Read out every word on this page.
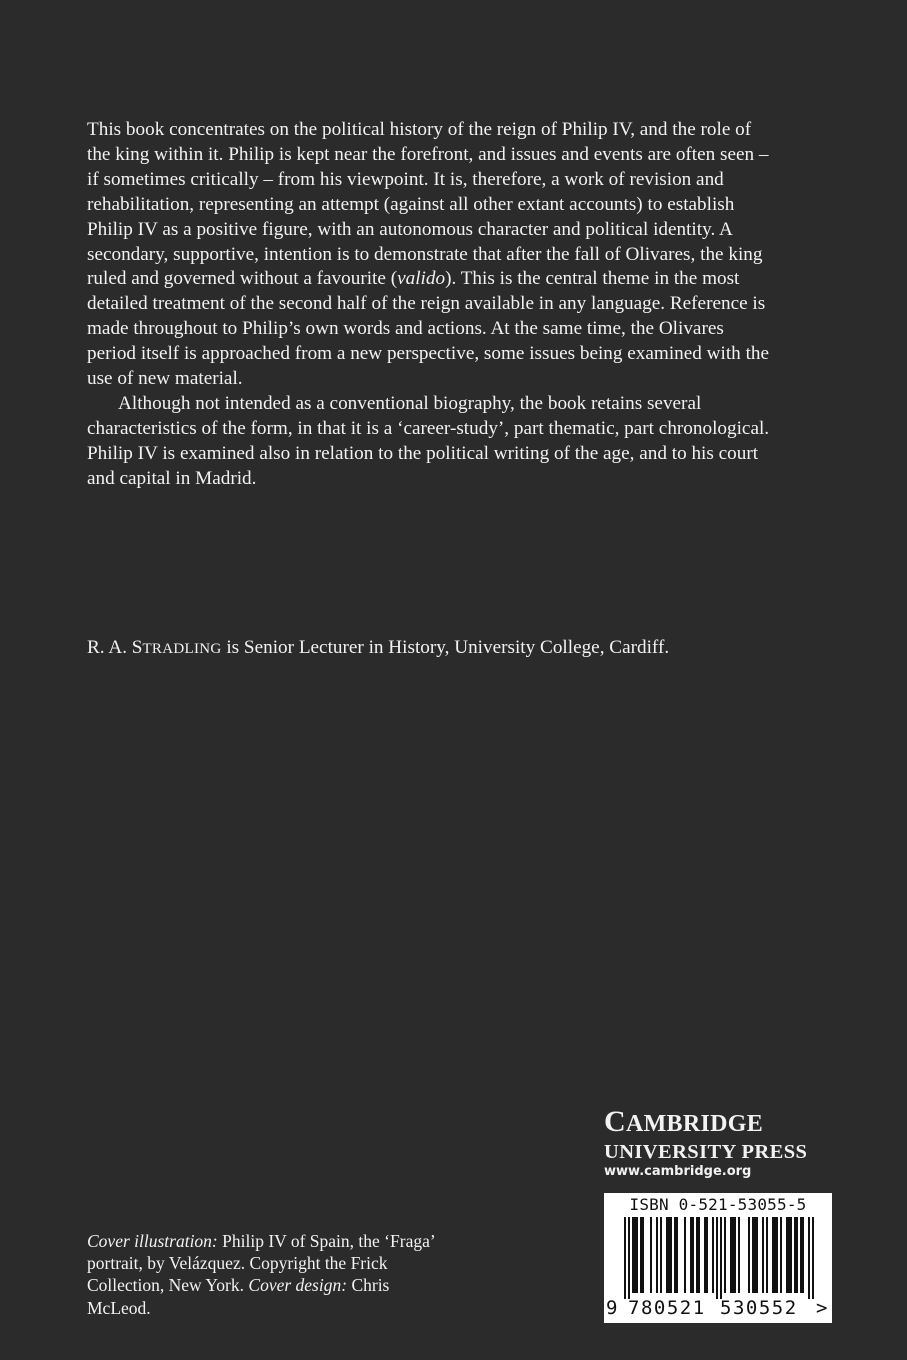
This book concentrates on the political history of the reign of Philip IV, and the role of the king within it. Philip is kept near the forefront, and issues and events are often seen – if sometimes critically – from his viewpoint. It is, therefore, a work of revision and rehabilitation, representing an attempt (against all other extant accounts) to establish Philip IV as a positive figure, with an autonomous character and political identity. A secondary, supportive, intention is to demonstrate that after the fall of Olivares, the king ruled and governed without a favourite (valido). This is the central theme in the most detailed treatment of the second half of the reign available in any language. Reference is made throughout to Philip’s own words and actions. At the same time, the Olivares period itself is approached from a new perspective, some issues being examined with the use of new material.

Although not intended as a conventional biography, the book retains several characteristics of the form, in that it is a ‘career-study’, part thematic, part chronological. Philip IV is examined also in relation to the political writing of the age, and to his court and capital in Madrid.

R. A. STRADLING is Senior Lecturer in History, University College, Cardiff.
Cover illustration: Philip IV of Spain, the ‘Fraga’ portrait, by Velázquez. Copyright the Frick Collection, New York. Cover design: Chris McLeod.
CAMBRIDGE
UNIVERSITY PRESS
www.cambridge.org
ISBN 0-521-53055-5
9 780521 530552 >
